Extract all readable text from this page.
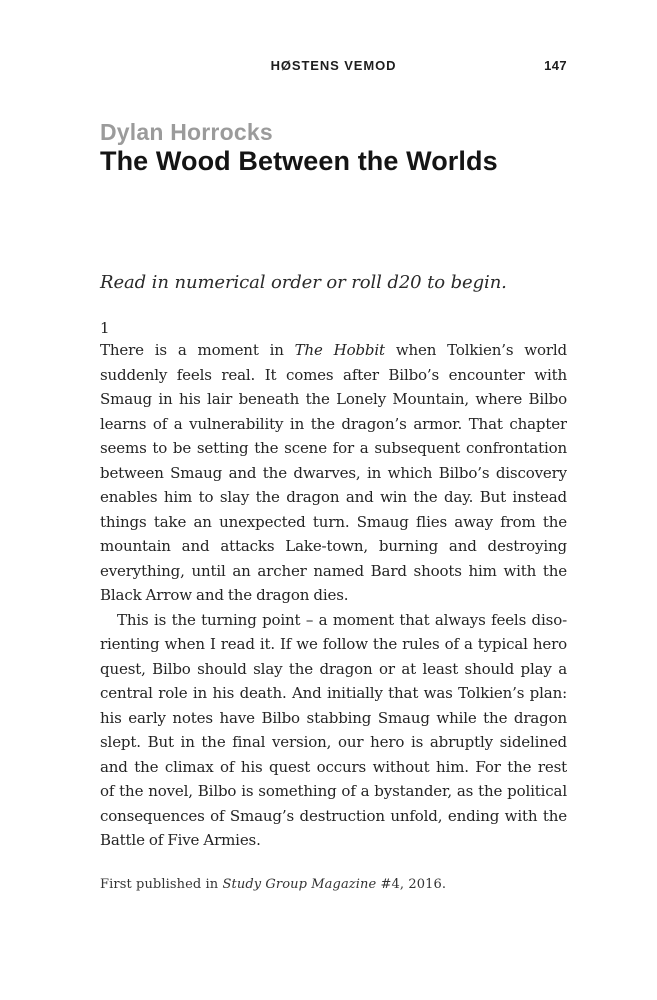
HØSTENS VEMOD	147
Dylan Horrocks
The Wood Between the Worlds
Read in numerical order or roll d20 to begin.
1
There is a moment in The Hobbit when Tolkien’s world
suddenly feels real. It comes after Bilbo’s encounter with
Smaug in his lair beneath the Lonely Mountain, where Bilbo
learns of a vulnerability in the dragon’s armor. That chapter
seems to be setting the scene for a subsequent confrontation
between Smaug and the dwarves, in which Bilbo’s discovery
enables him to slay the dragon and win the day. But instead
things take an unexpected turn. Smaug flies away from the
mountain and attacks Lake-town, burning and destroying
everything, until an archer named Bard shoots him with the
Black Arrow and the dragon dies.
This is the turning point – a moment that always feels diso-
rienting when I read it. If we follow the rules of a typical hero
quest, Bilbo should slay the dragon or at least should play a
central role in his death. And initially that was Tolkien’s plan:
his early notes have Bilbo stabbing Smaug while the dragon
slept. But in the final version, our hero is abruptly sidelined
and the climax of his quest occurs without him. For the rest
of the novel, Bilbo is something of a bystander, as the political
consequences of Smaug’s destruction unfold, ending with the
Battle of Five Armies.
First published in Study Group Magazine #4, 2016.
